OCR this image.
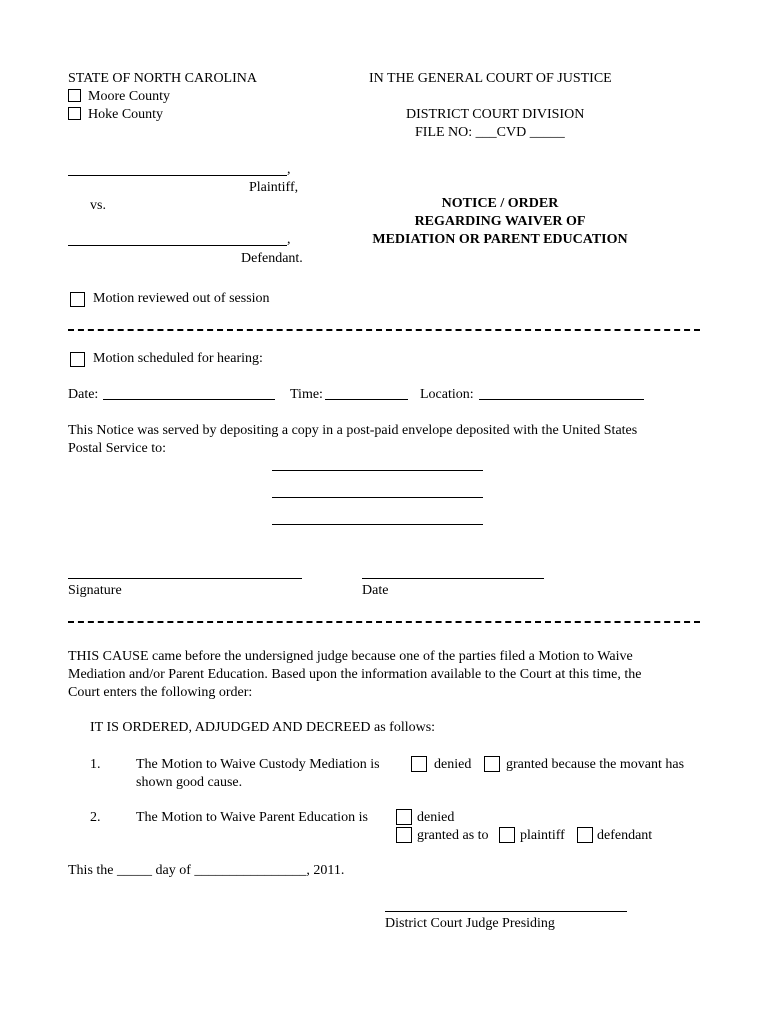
STATE OF NORTH CAROLINA
Moore County
Hoke County
IN THE GENERAL COURT OF JUSTICE
DISTRICT COURT DIVISION
FILE NO: ___CVD _____
,
Plaintiff,
vs.
,
Defendant.
NOTICE / ORDER
REGARDING WAIVER OF
MEDIATION OR PARENT EDUCATION
Motion reviewed out of session
Motion scheduled for hearing:
Date:	Time:	Location:
This Notice was served by depositing a copy in a post-paid envelope deposited with the United States
Postal Service to:
Signature	Date
THIS CAUSE came before the undersigned judge because one of the parties filed a Motion to Waive
Mediation and/or Parent Education. Based upon the information available to the Court at this time, the
Court enters the following order:
IT IS ORDERED, ADJUDGED AND DECREED as follows:
1.	The Motion to Waive Custody Mediation is	denied granted because the movant has
shown good cause.
2.	The Motion to Waive Parent Education is	denied
granted as to plaintiff defendant
This the _____ day of ________________, 2011.
District Court Judge Presiding
